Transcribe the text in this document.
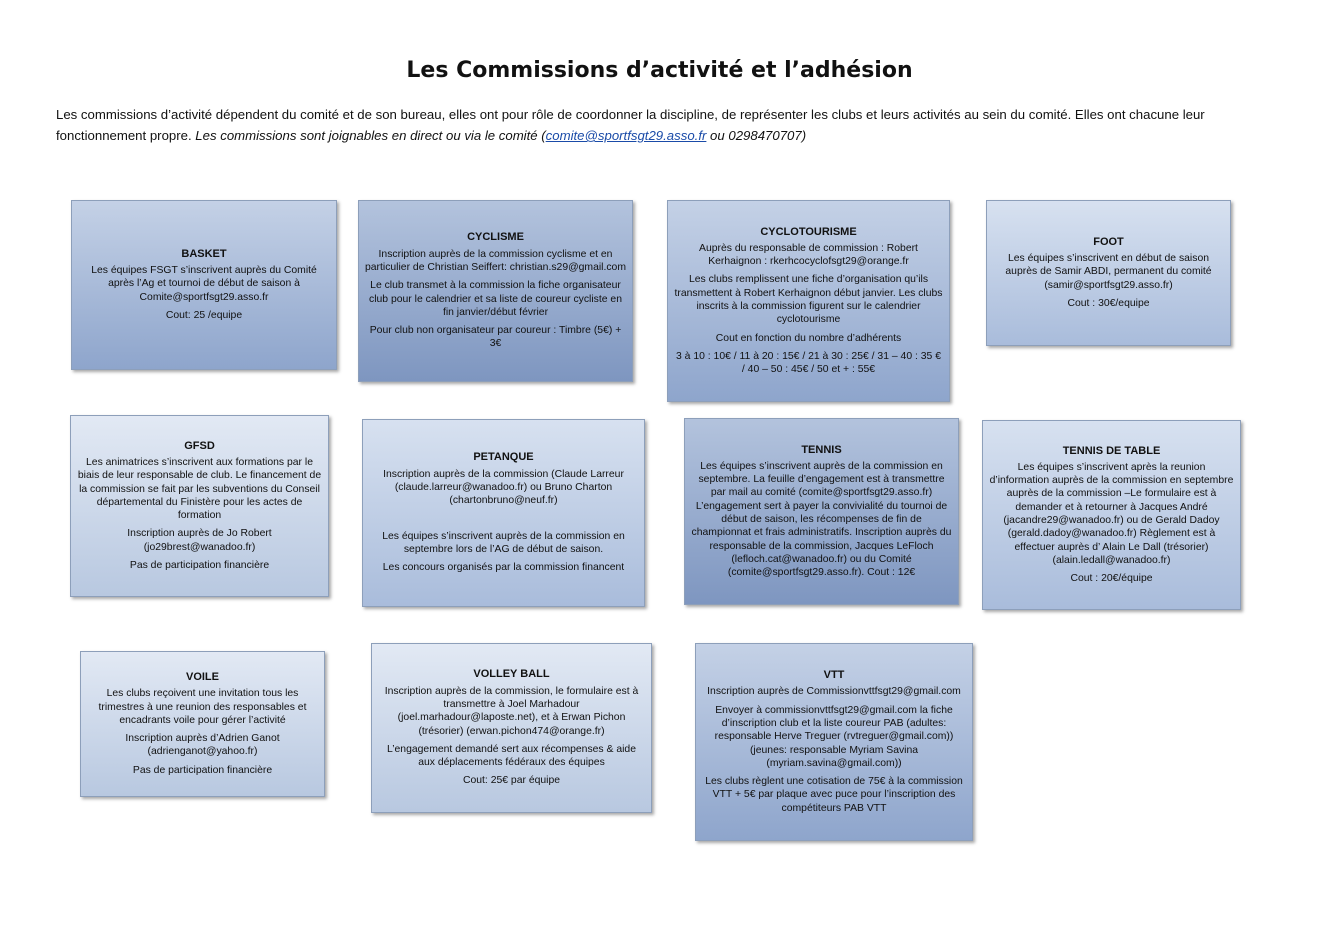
Les Commissions d’activité et l’adhésion
Les commissions d’activité dépendent du comité et de son bureau, elles ont pour rôle de coordonner la discipline, de représenter les clubs et leurs activités au sein du comité. Elles ont chacune leur fonctionnement propre. Les commissions sont joignables en direct ou via le comité (comite@sportfsgt29.asso.fr ou 0298470707)
BASKET
Les équipes FSGT s’inscrivent auprès du Comité après l’Ag et tournoi de début de saison à Comite@sportfsgt29.asso.fr
Cout: 25 /equipe
CYCLISME
Inscription auprès de la commission cyclisme et en particulier de Christian Seiffert: christian.s29@gmail.com
Le club transmet à la commission la fiche organisateur club pour le calendrier et sa liste de coureur cycliste en fin janvier/début février
Pour club non organisateur par coureur : Timbre (5€) + 3€
CYCLOTOURISME
Auprès du responsable de commission : Robert Kerhaignon : rkerhcocyclofsgt29@orange.fr
Les clubs remplissent une fiche d’organisation qu’ils transmettent à Robert Kerhaignon début janvier. Les clubs inscrits à la commission figurent sur le calendrier cyclotourisme
Cout en fonction du nombre d’adhérents
3 à 10 : 10€ / 11 à 20 : 15€ / 21 à 30 : 25€ / 31 – 40 : 35 € / 40 – 50 : 45€ / 50 et + : 55€
FOOT
Les équipes s’inscrivent en début de saison auprès de Samir ABDI, permanent du comité (samir@sportfsgt29.asso.fr)
Cout : 30€/equipe
GFSD
Les animatrices s’inscrivent aux formations par le biais de leur responsable de club. Le financement de la commission se fait par les subventions du Conseil départemental du Finistère pour les actes de formation
Inscription auprès de Jo Robert (jo29brest@wanadoo.fr)
Pas de participation financière
PETANQUE
Inscription auprès de la commission (Claude Larreur (claude.larreur@wanadoo.fr) ou Bruno Charton (chartonbruno@neuf.fr)
Les équipes s’inscrivent auprès de la commission en septembre lors de l’AG de début de saison.
Les concours organisés par la commission financent
TENNIS
Les équipes s’inscrivent auprès de la commission en septembre. La feuille d’engagement est à transmettre par mail au comité (comite@sportfsgt29.asso.fr) L’engagement sert à payer la convivialité du tournoi de début de saison, les récompenses de fin de championnat et frais administratifs. Inscription auprès du responsable de la commission, Jacques LeFloch (lefloch.cat@wanadoo.fr) ou du Comité (comite@sportfsgt29.asso.fr). Cout : 12€
TENNIS DE TABLE
Les équipes s’inscrivent après la reunion d’information auprès de la commission en septembre auprès de la commission –Le formulaire est à demander et à retourner à Jacques André (jacandre29@wanadoo.fr) ou de Gerald Dadoy (gerald.dadoy@wanadoo.fr) Règlement est à effectuer auprès d’ Alain Le Dall (trésorier) (alain.ledall@wanadoo.fr)
Cout : 20€/équipe
VOILE
Les clubs reçoivent une invitation tous les trimestres à une reunion des responsables et encadrants voile pour gérer l’activité
Inscription auprès d’Adrien Ganot (adrienganot@yahoo.fr)
Pas de participation financière
VOLLEY BALL
Inscription auprès de la commission, le formulaire est à transmettre à Joel Marhadour (joel.marhadour@laposte.net), et à Erwan Pichon (trésorier) (erwan.pichon474@orange.fr)
L’engagement demandé sert aux récompenses & aide aux déplacements fédéraux des équipes
Cout: 25€ par équipe
VTT
Inscription auprès de Commissionvttfsgt29@gmail.com
Envoyer à commissionvttfsgt29@gmail.com la fiche d’inscription club et la liste coureur PAB (adultes: responsable Herve Treguer (rvtreguer@gmail.com)) (jeunes: responsable Myriam Savina (myriam.savina@gmail.com))
Les clubs règlent une cotisation de 75€ à la commission VTT + 5€ par plaque avec puce pour l’inscription des compétiteurs PAB VTT
